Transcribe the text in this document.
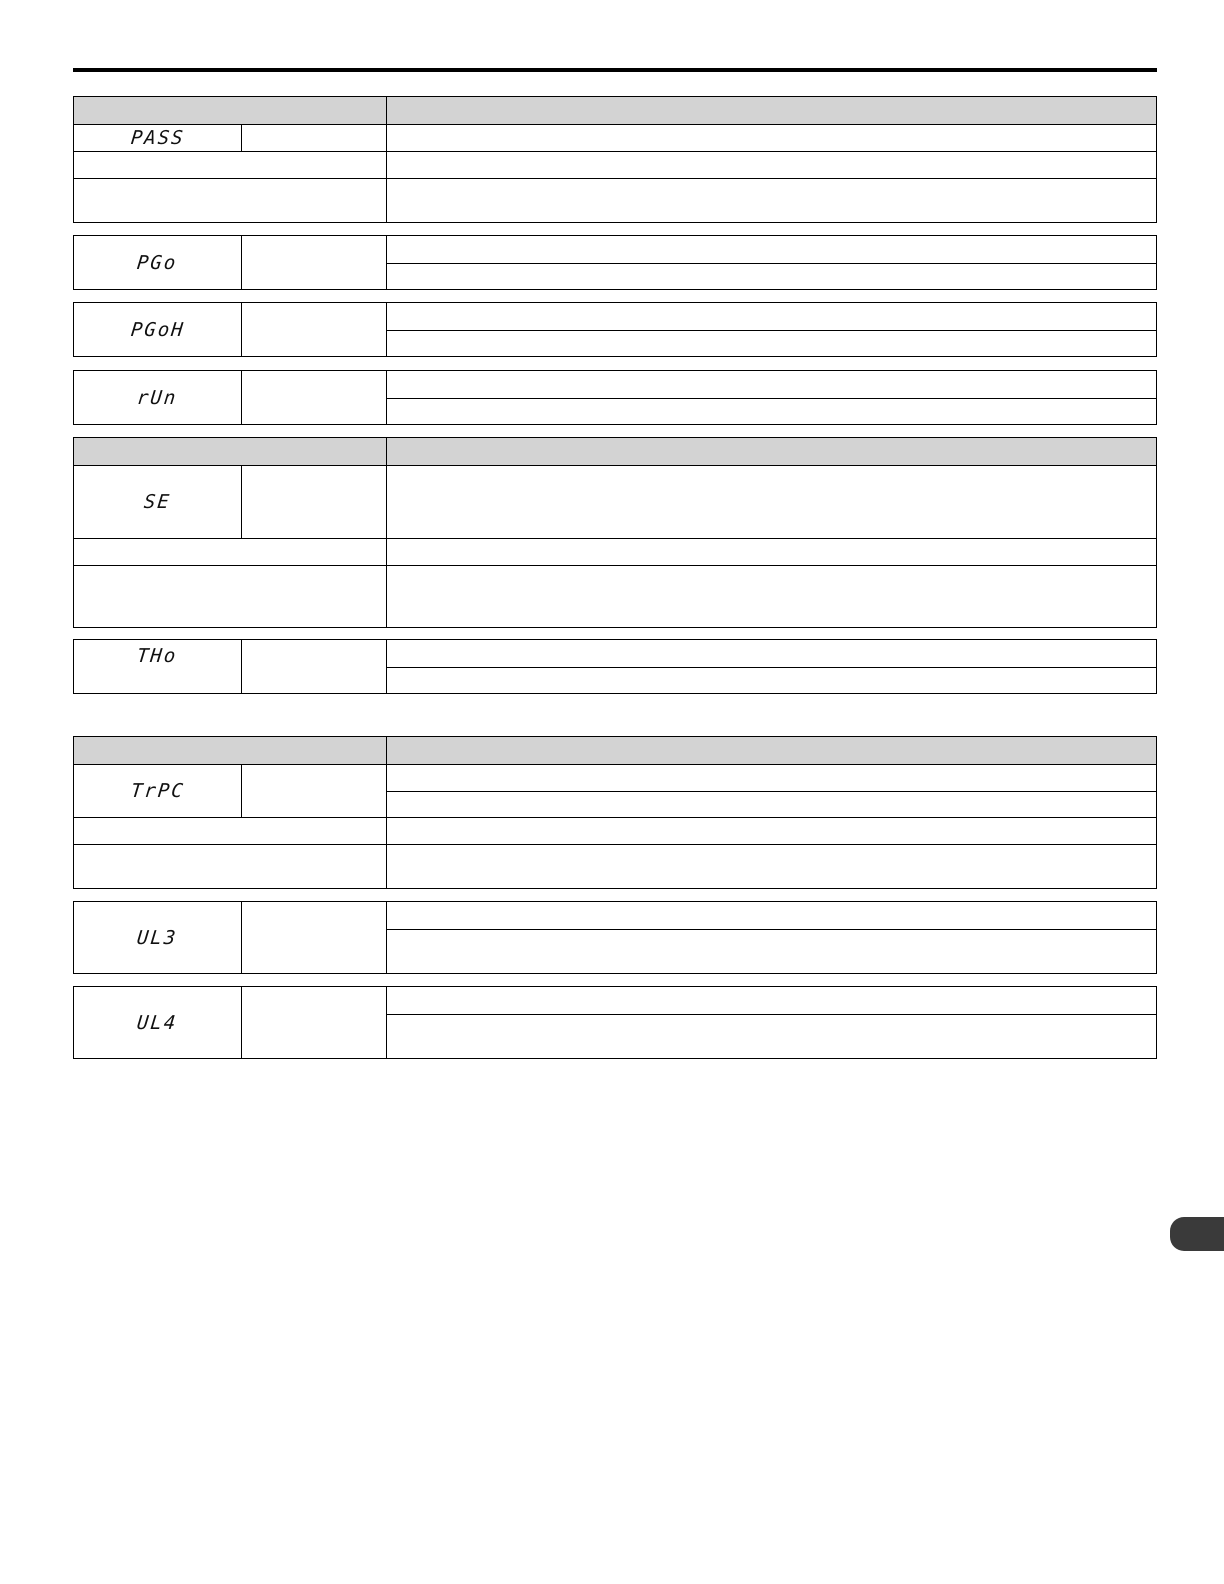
PASS
PGo
PGoH
rUn
SE
THo
TrPC
UL3
UL4
